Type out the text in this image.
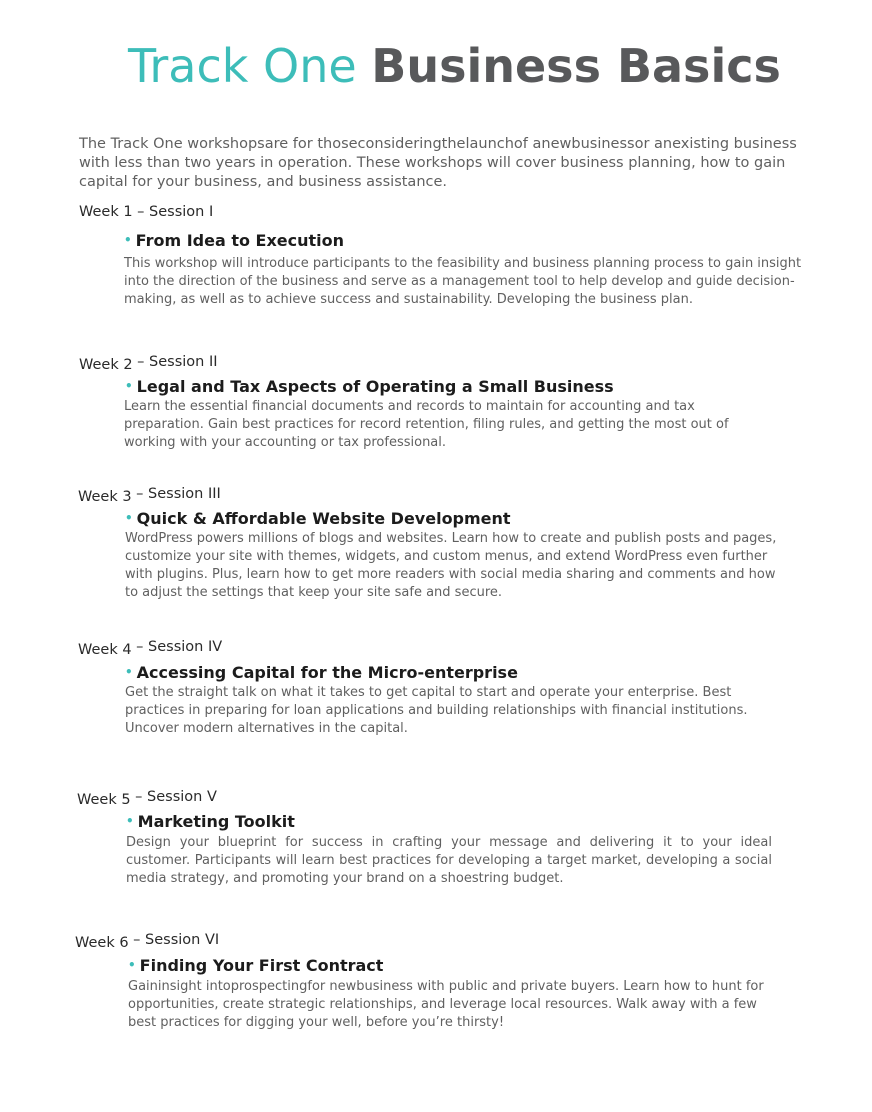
Track One Business Basics
The Track One workshopsare for thoseconsideringthelaunchof anewbusinessor anexisting business with less than two years in operation. These workshops will cover business planning, how to gain capital for your business, and business assistance.
Week 1 – Session I
• From Idea to Execution
This workshop will introduce participants to the feasibility and business planning process to gain insight into the direction of the business and serve as a management tool to help develop and guide decision-making, as well as to achieve success and sustainability. Developing the business plan.
Week 2 – Session II
• Legal and Tax Aspects of Operating a Small Business
Learn the essential financial documents and records to maintain for accounting and tax preparation. Gain best practices for record retention, filing rules, and getting the most out of working with your accounting or tax professional.
Week 3 – Session III
• Quick & Affordable Website Development
WordPress powers millions of blogs and websites. Learn how to create and publish posts and pages, customize your site with themes, widgets, and custom menus, and extend WordPress even further with plugins. Plus, learn how to get more readers with social media sharing and comments and how to adjust the settings that keep your site safe and secure.
Week 4 – Session IV
• Accessing Capital for the Micro-enterprise
Get the straight talk on what it takes to get capital to start and operate your enterprise. Best practices in preparing for loan applications and building relationships with financial institutions. Uncover modern alternatives in the capital.
Week 5 – Session V
• Marketing Toolkit
Design your blueprint for success in crafting your message and delivering it to your ideal customer. Participants will learn best practices for developing a target market, developing a social media strategy, and promoting your brand on a shoestring budget.
Week 6 – Session VI
• Finding Your First Contract
Gaininsight intoprospectingfor newbusiness with public and private buyers. Learn how to hunt for opportunities, create strategic relationships, and leverage local resources. Walk away with a few best practices for digging your well, before you’re thirsty!
